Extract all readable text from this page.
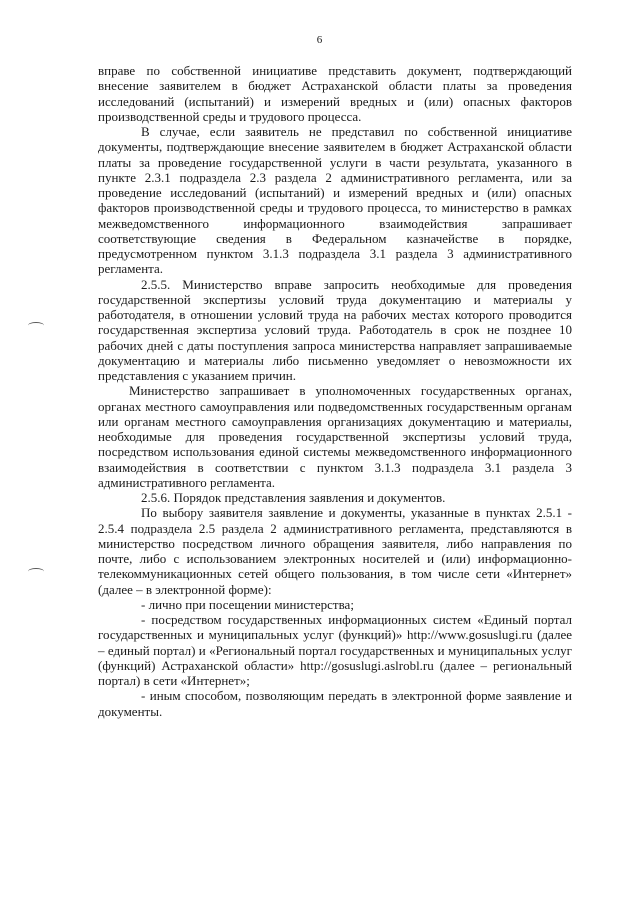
6

вправе по собственной инициативе представить документ, подтверждающий внесение заявителем в бюджет Астраханской области платы за проведения исследований (испытаний) и измерений вредных и (или) опасных факторов производственной среды и трудового процесса.

В случае, если заявитель не представил по собственной инициативе документы, подтверждающие внесение заявителем в бюджет Астраханской области платы за проведение государственной услуги в части результата, указанного в пункте 2.3.1 подраздела 2.3 раздела 2 административного регламента, или за проведение исследований (испытаний) и измерений вредных и (или) опасных факторов производственной среды и трудового процесса, то министерство в рамках межведомственного информационного взаимодействия запрашивает соответствующие сведения в Федеральном казначействе в порядке, предусмотренном пунктом 3.1.3 подраздела 3.1 раздела 3 административного регламента.

2.5.5. Министерство вправе запросить необходимые для проведения государственной экспертизы условий труда документацию и материалы у работодателя, в отношении условий труда на рабочих местах которого проводится государственная экспертиза условий труда. Работодатель в срок не позднее 10 рабочих дней с даты поступления запроса министерства направляет запрашиваемые документацию и материалы либо письменно уведомляет о невозможности их представления с указанием причин.

Министерство запрашивает в уполномоченных государственных органах, органах местного самоуправления или подведомственных государственным органам или органам местного самоуправления организациях документацию и материалы, необходимые для проведения государственной экспертизы условий труда, посредством использования единой системы межведомственного информационного взаимодействия в соответствии с пунктом 3.1.3 подраздела 3.1 раздела 3 административного регламента.

2.5.6. Порядок представления заявления и документов.

По выбору заявителя заявление и документы, указанные в пунктах 2.5.1 - 2.5.4 подраздела 2.5 раздела 2 административного регламента, представляются в министерство посредством личного обращения заявителя, либо направления по почте, либо с использованием электронных носителей и (или) информационно-телекоммуникационных сетей общего пользования, в том числе сети «Интернет» (далее – в электронной форме):

- лично при посещении министерства;

- посредством государственных информационных систем «Единый портал государственных и муниципальных услуг (функций)» http://www.gosuslugi.ru (далее – единый портал) и «Региональный портал государственных и муниципальных услуг (функций) Астраханской области» http://gosuslugi.aslrobl.ru (далее – региональный портал) в сети «Интернет»;

- иным способом, позволяющим передать в электронной форме заявление и документы.
